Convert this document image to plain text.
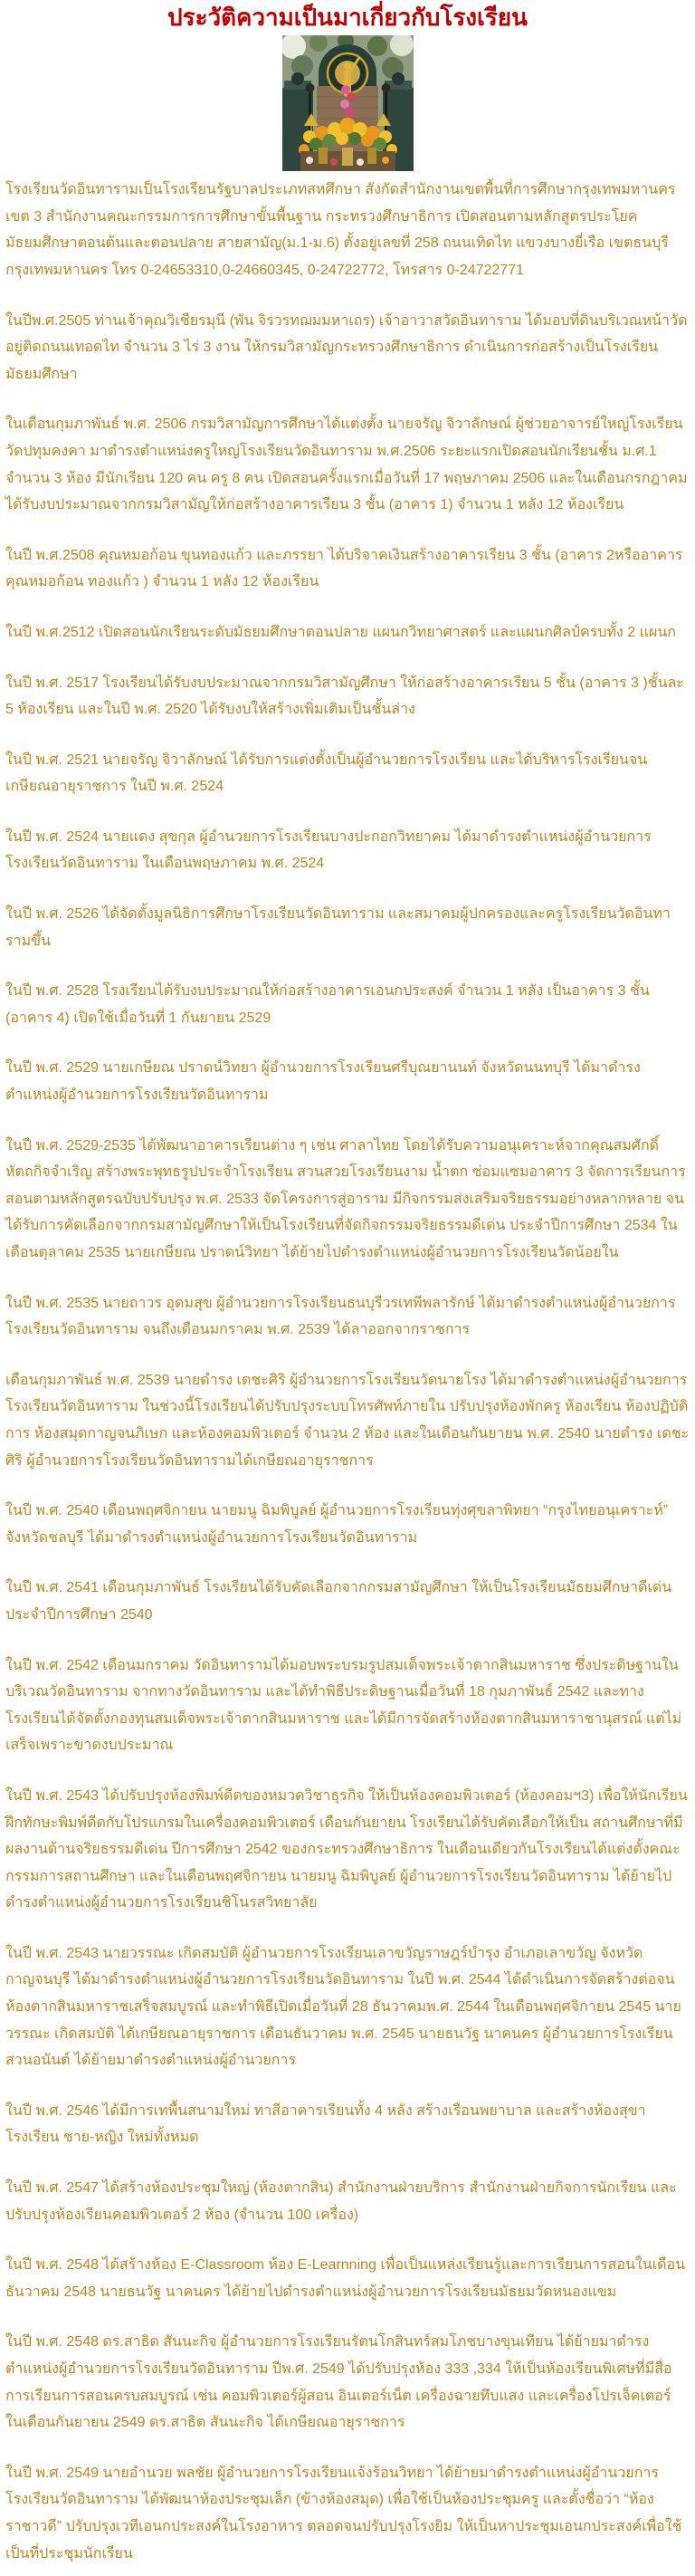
ประวัติความเป็นมาเกี่ยวกับโรงเรียน

โรงเรียนวัดอินทารามเป็นโรงเรียนรัฐบาลประเภทสหศึกษา สังกัดสำนักงานเขตพื้นที่การศึกษากรุงเทพมหานคร เขต 3 สำนักงานคณะกรรมการการศึกษาขั้นพื้นฐาน กระทรวงศึกษาธิการ เปิดสอนตามหลักสูตรประโยคมัธยมศึกษาตอนต้นและตอนปลาย สายสามัญ(ม.1-ม.6) ตั้งอยู่เลขที่ 258 ถนนเทิดไท แขวงบางยี่เรือ เขตธนบุรี กรุงเทพมหานคร โทร 0-24653310,0-24660345, 0-24722772, โทรสาร 0-24722771

ในปีพ.ศ.2505 ท่านเจ้าคุณวิเชียรมุนี (พัน จิรวรทฌมมหาเถร) เจ้าอาวาสวัดอินทาราม ได้มอบที่ดินบริเวณหน้าวัดอยู่ติดถนนเทอดไท จำนวน 3 ไร่ 3 งาน ให้กรมวิสามัญกระทรวงศึกษาธิการ ดำเนินการก่อสร้างเป็นโรงเรียนมัธยมศึกษา

ในเดือนกุมภาพันธ์ พ.ศ. 2506 กรมวิสามัญการศึกษาได้แต่งตั้ง นายจรัญ จิวาลักษณ์ ผู้ช่วยอาจารย์ใหญ่โรงเรียนวัดปทุมคงคา มาดำรงตำแหน่งครูใหญ่โรงเรียนวัดอินทาราม พ.ศ.2506 ระยะแรกเปิดสอนนักเรียนชั้น ม.ศ.1 จำนวน 3 ห้อง มีนักเรียน 120 คน ครู 8 คน เปิดสอนครั้งแรกเมื่อวันที่ 17 พฤษภาคม 2506 และในเดือนกรกฎาคม ได้รับงบประมาณจากกรมวิสามัญให้ก่อสร้างอาคารเรียน 3 ชั้น (อาคาร 1) จำนวน 1 หลัง 12 ห้องเรียน

ในปี พ.ศ.2508 คุณหมอก้อน ขุนทองแก้ว และภรรยา ได้บริจาคเงินสร้างอาคารเรียน 3 ชั้น (อาคาร 2หรืออาคารคุณหมอก้อน ทองแก้ว ) จำนวน 1 หลัง 12 ห้องเรียน

ในปี พ.ศ.2512 เปิดสอนนักเรียนระดับมัธยมศึกษาตอนปลาย แผนกวิทยาศาสตร์ และแผนกศิลป์ครบทั้ง 2 แผนก

ในปี พ.ศ. 2517 โรงเรียนได้รับงบประมาณจากกรมวิสามัญศึกษา ให้ก่อสร้างอาคารเรียน 5 ชั้น (อาคาร 3 )ชั้นละ 5 ห้องเรียน และในปี พ.ศ. 2520 ได้รับงบให้สร้างเพิ่มเติมเป็นชั้นล่าง

ในปี พ.ศ. 2521 นายจรัญ จิวาลักษณ์ ได้รับการแต่งตั้งเป็นผู้อำนวยการโรงเรียน และได้บริหารโรงเรียนจนเกษียณอายุราชการ ในปี พ.ศ. 2524

ในปี พ.ศ. 2524 นายแดง สุขกุล ผู้อำนวยการโรงเรียนบางปะกอกวิทยาคม ได้มาดำรงตำแหน่งผู้อำนวยการโรงเรียนวัดอินทาราม ในเดือนพฤษภาคม พ.ศ. 2524

ในปี พ.ศ. 2526 ได้จัดตั้งมูลนิธิการศึกษาโรงเรียนวัดอินทาราม และสมาคมผู้ปกครองและครูโรงเรียนวัดอินทารามขึ้น

ในปี พ.ศ. 2528 โรงเรียนได้รับงบประมาณให้ก่อสร้างอาคารเอนกประสงค์ จำนวน 1 หลัง เป็นอาคาร 3 ชั้น (อาคาร 4) เปิดใช้เมื่อวันที่ 1 กันยายน 2529

ในปี พ.ศ. 2529 นายเกษียณ ปราดน์วิทยา ผู้อำนวยการโรงเรียนศรีบุณยานนท์ จังหวัดนนทบุรี ได้มาดำรงตำแหน่งผู้อำนวยการโรงเรียนวัดอินทาราม

ในปี พ.ศ. 2529-2535 ได้พัฒนาอาคารเรียนต่าง ๆ เช่น ศาลาไทย โดยได้รับความอนุเคราะห์จากคุณสมศักดิ์ หัตถกิจจำเริญ สร้างพระพุทธรูปประจำโรงเรียน สวนสวยโรงเรียนงาม น้ำตก ซ่อมแซมอาคาร 3 จัดการเรียนการสอนตามหลักสูตรฉบับปรับปรุง พ.ศ. 2533 จัดโครงการสู่อาราม มีกิจกรรมส่งเสริมจริยธรรมอย่างหลากหลาย จนได้รับการคัดเลือกจากกรมสามัญศึกษาให้เป็นโรงเรียนที่จัดกิจกรรมจริยธรรมดีเด่น ประจำปีการศึกษา 2534 ในเดือนตุลาคม 2535 นายเกษียณ ปราดน์วิทยา ได้ย้ายไปดำรงตำแหน่งผู้อำนวยการโรงเรียนวัดน้อยใน

ในปี พ.ศ. 2535 นายถาวร อุดมสุข ผู้อำนวยการโรงเรียนธนบุรีวรเทพีพลารักษ์ ได้มาดำรงตำแหน่งผู้อำนวยการโรงเรียนวัดอินทาราม จนถึงเดือนมกราคม พ.ศ. 2539 ได้ลาออกจากราชการ

เดือนกุมภาพันธ์ พ.ศ. 2539 นายดำรง เดชะศิริ ผู้อำนวยการโรงเรียนวัดนายโรง ได้มาดำรงตำแหน่งผู้อำนวยการโรงเรียนวัดอินทาราม ในช่วงนี้โรงเรียนได้ปรับปรุงระบบโทรศัพท์ภายใน ปรับปรุงห้องพักครู ห้องเรียน ห้องปฏิบัติการ ห้องสมุดกาญจนภิเษก และห้องคอมพิวเตอร์ จำนวน 2 ห้อง และในเดือนกันยายน พ.ศ. 2540 นายดำรง เดชะศิริ ผู้อำนวยการโรงเรียนวัดอินทารามได้เกษียณอายุราชการ

ในปี พ.ศ. 2540 เดือนพฤศจิกายน นายมนู ฉิมพิบูลย์ ผู้อำนวยการโรงเรียนทุ่งศุขลาพิทยา “กรุงไทยอนุเคราะห์” จังหวัดชลบุรี ได้มาดำรงตำแหน่งผู้อำนวยการโรงเรียนวัดอินทาราม

ในปี พ.ศ. 2541 เดือนกุมภาพันธ์ โรงเรียนได้รับคัดเลือกจากกรมสามัญศึกษา ให้เป็นโรงเรียนมัธยมศึกษาดีเด่น ประจำปีการศึกษา 2540

ในปี พ.ศ. 2542 เดือนมกราคม วัดอินทารามได้มอบพระบรมรูปสมเด็จพระเจ้าตากสินมหาราช ซึ่งประดิษฐานในบริเวณวัดอินทาราม จากทางวัดอินทาราม และได้ทำพิธีประดิษฐานเมื่อวันที่ 18 กุมภาพันธ์ 2542 และทางโรงเรียนได้จัดตั้งกองทุนสมเด็จพระเจ้าตากสินมหาราช และได้มีการจัดสร้างห้องตากสินมหาราชานุสรณ์ แต่ไม่เสร็จเพราะขาดงบประมาณ

ในปี พ.ศ. 2543 ได้ปรับปรุงห้องพิมพ์ดีดของหมวดวิชาธุรกิจ ให้เป็นห้องคอมพิวเตอร์ (ห้องคอมฯ3) เพื่อให้นักเรียนฝึกทักษะพิมพ์ดีดกับโปรแกรมในเครื่องคอมพิวเตอร์ เดือนกันยายน โรงเรียนได้รับคัดเลือกให้เป็น สถานศึกษาที่มีผลงานด้านจริยธรรมดีเด่น ปีการศึกษา 2542 ของกระทรวงศึกษาธิการ ในเดือนเดียวกันโรงเรียนได้แต่งตั้งคณะกรรมการสถานศึกษา และในเดือนพฤศจิกายน นายมนู ฉิมพิบูลย์ ผู้อำนวยการโรงเรียนวัดอินทาราม ได้ย้ายไปดำรงตำแหน่งผู้อำนวยการโรงเรียนชิโนรสวิทยาลัย

ในปี พ.ศ. 2543 นายวรรณะ เกิดสมบัติ ผู้อำนวยการโรงเรียนเลาขวัญราษฎร์บำรุง อำเภอเลาขวัญ จังหวัดกาญจนบุรี ได้มาดำรงตำแหน่งผู้อำนวยการโรงเรียนวัดอินทาราม ในปี พ.ศ. 2544 ได้ดำเนินการจัดสร้างต่อจน ห้องตากสินมหาราชเสร็จสมบูรณ์ และทำพิธีเปิดเมื่อวันที่ 28 ธันวาคมพ.ศ. 2544 ในเดือนพฤศจิกายน 2545 นายวรรณะ เกิดสมบัติ ได้เกษียณอายุราชการ เดือนธันวาคม พ.ศ. 2545 นายธนวัฐ นาคนคร ผู้อำนวยการโรงเรียนสวนอนันต์ ได้ย้ายมาดำรงตำแหน่งผู้อำนวยการ

ในปี พ.ศ. 2546 ได้มีการเทพื้นสนามใหม่ ทาสีอาคารเรียนทั้ง 4 หลัง สร้างเรือนพยาบาล และสร้างห้องสุขาโรงเรียน ชาย-หญิง ใหม่ทั้งหมด

ในปี พ.ศ. 2547 ได้สร้างห้องประชุมใหญ่ (ห้องตากสิน) สำนักงานฝ่ายบริการ สำนักงานฝ่ายกิจการนักเรียน และปรับปรุงห้องเรียนคอมพิวเตอร์ 2 ห้อง (จำนวน 100 เครื่อง)

ในปี พ.ศ. 2548 ได้สร้างห้อง E-Classroom ห้อง E-Learnning เพื่อเป็นแหล่งเรียนรู้และการเรียนการสอนในเดือนธันวาคม 2548 นายธนวัฐ นาคนคร ได้ย้ายไปดำรงตำแหน่งผู้อำนวยการโรงเรียนมัธยมวัดหนองแขม

ในปี พ.ศ. 2548 ดร.สาธิต สันนะกิจ ผู้อำนวยการโรงเรียนรัตนโกสินทร์สมโภชบางขุนเทียน ได้ย้ายมาดำรงตำแหน่งผู้อำนวยการโรงเรียนวัดอินทาราม ปีพ.ศ. 2549 ได้ปรับปรุงห้อง 333 ,334 ให้เป็นห้องเรียนพิเศษที่มีสื่อการเรียนการสอนครบสมบูรณ์ เช่น คอมพิวเตอร์ผู้สอน อินเตอร์เน็ต เครื่องฉายทึบแสง และเครื่องโปรเจ็คเตอร์ ในเดือนกันยายน 2549 ดร.สาธิต สันนะกิจ ได้เกษียณอายุราชการ

ในปี พ.ศ. 2549 นายอำนวย พลชัย ผู้อำนวยการโรงเรียนแจ้งร้อนวิทยา ได้ย้ายมาดำรงตำแหน่งผู้อำนวยการโรงเรียนวัดอินทาราม ได้พัฒนาห้องประชุมเล็ก (ข้างห้องสมุด) เพื่อใช้เป็นห้องประชุมครู และตั้งชื่อว่า “ห้องราชาวดี” ปรับปรุงเวทีเอนกประสงค์ในโรงอาหาร ตลอดจนปรับปรุงโรงยิม ให้เป็นหาประชุมเอนกประสงค์เพื่อใช้เป็นที่ประชุมนักเรียน
